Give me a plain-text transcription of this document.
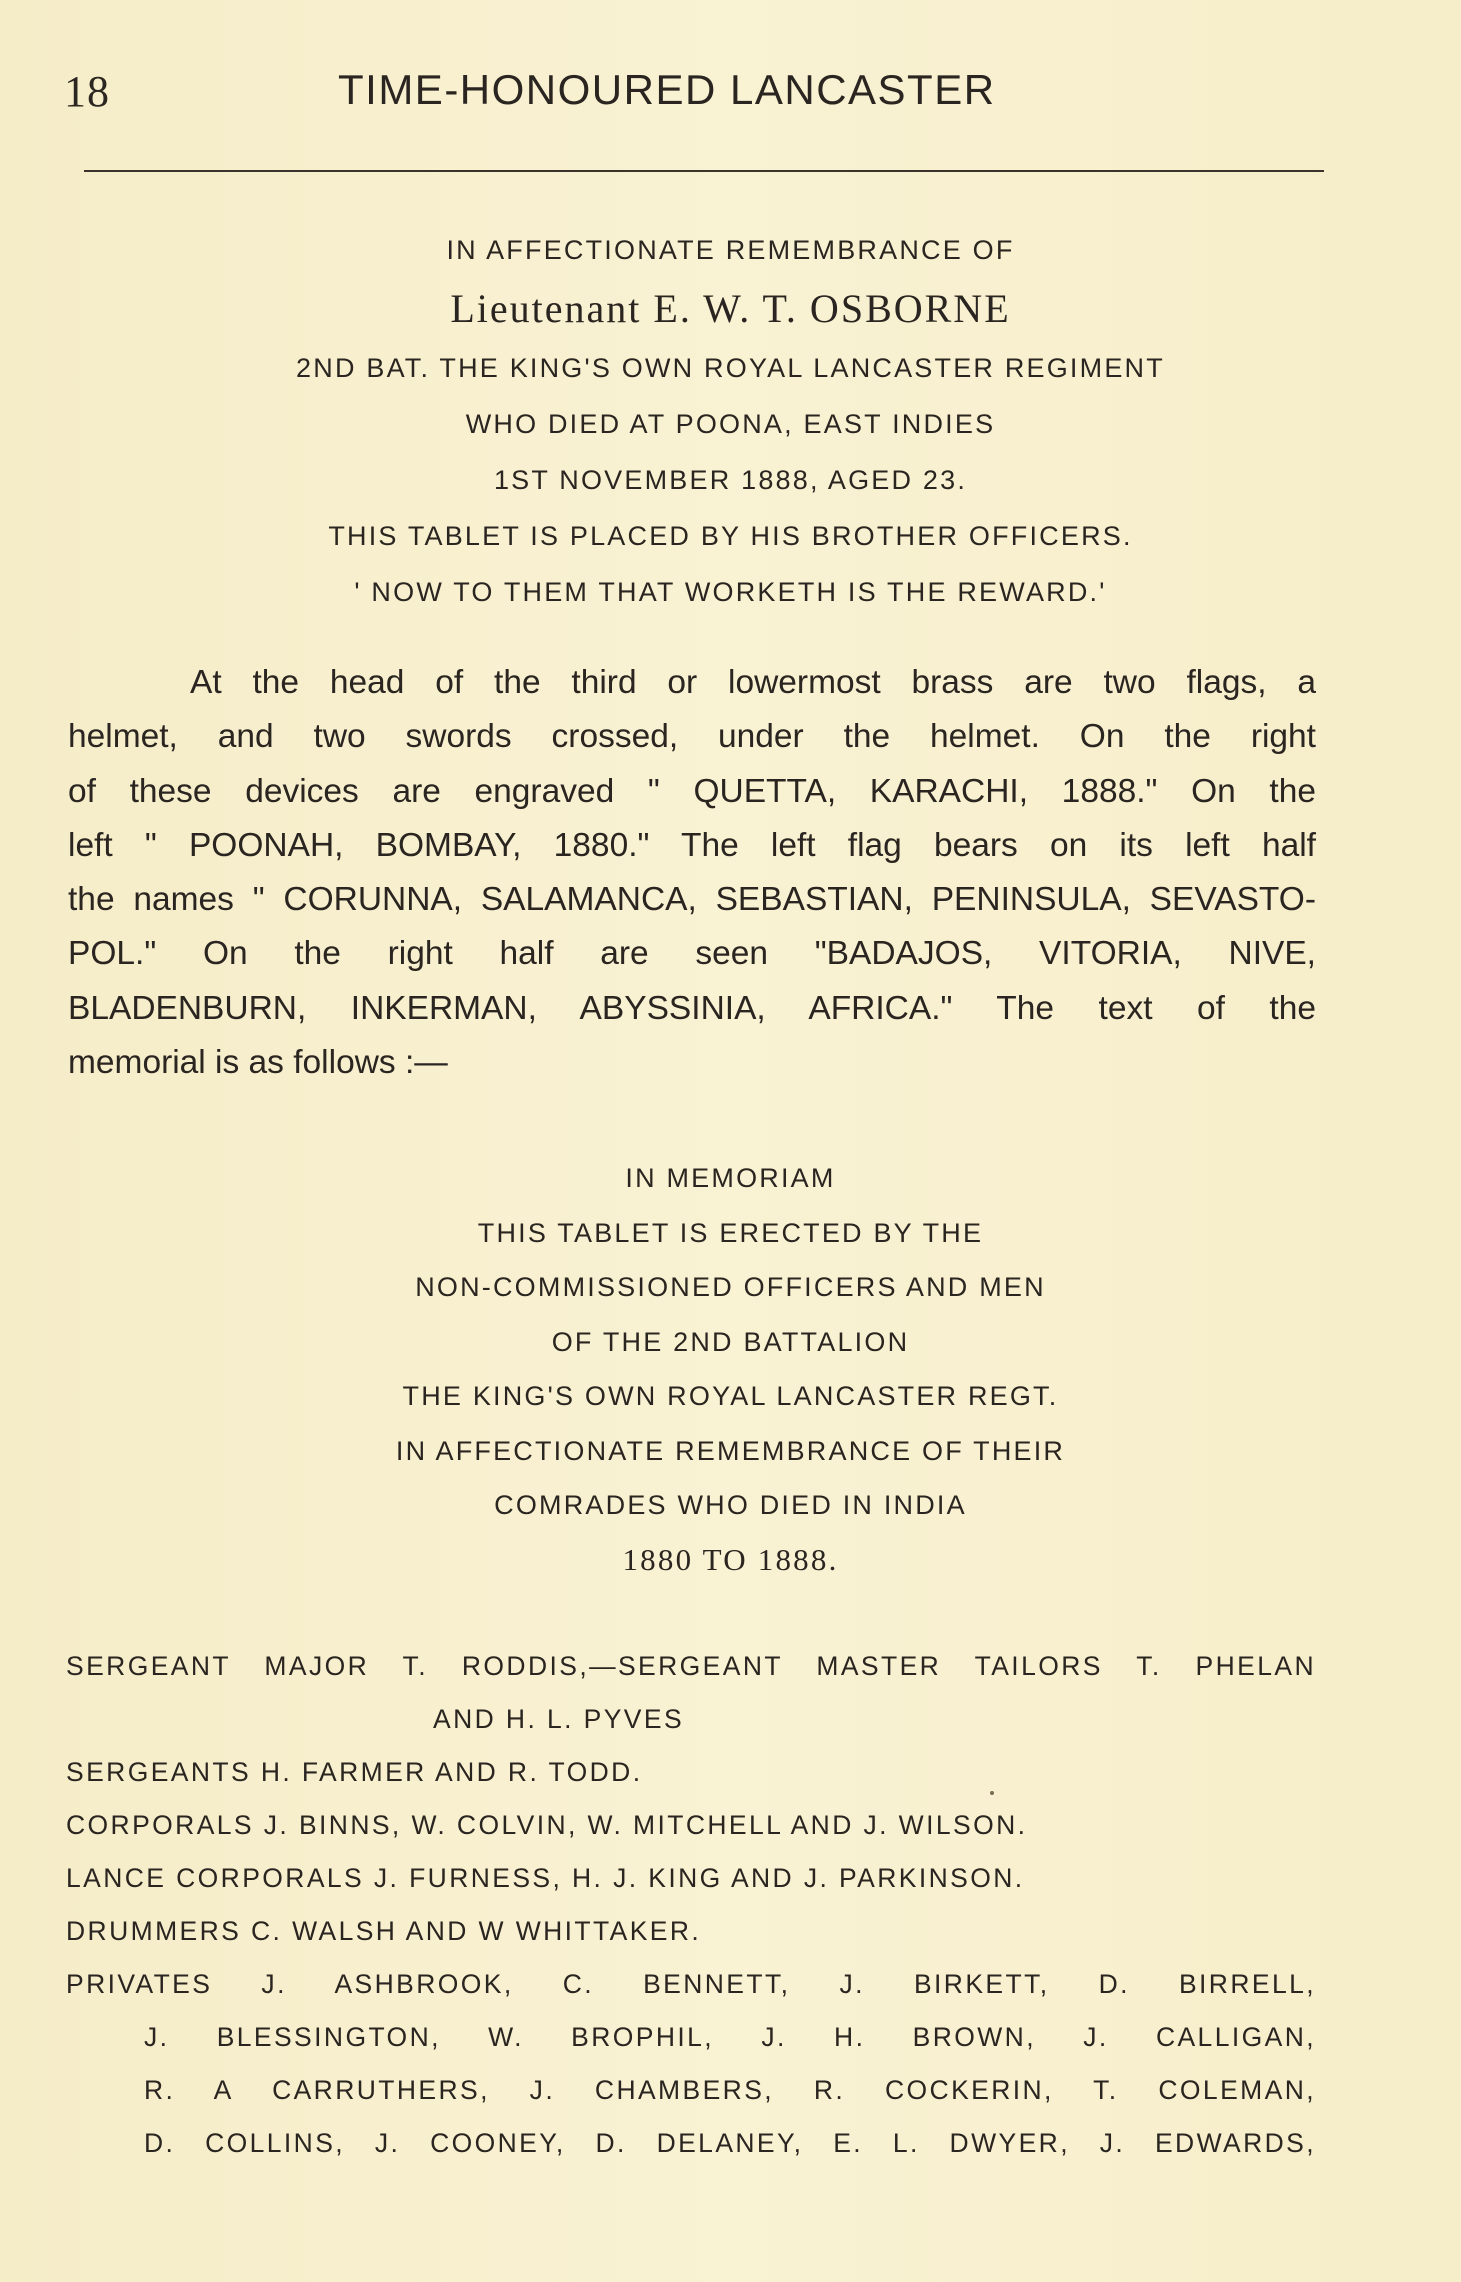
18	TIME-HONOURED LANCASTER
IN AFFECTIONATE REMEMBRANCE OF
Lieutenant E. W. T. OSBORNE
2ND BAT. THE KING'S OWN ROYAL LANCASTER REGIMENT
WHO DIED AT POONA, EAST INDIES
1ST NOVEMBER 1888, AGED 23.
THIS TABLET IS PLACED BY HIS BROTHER OFFICERS.
' NOW TO THEM THAT WORKETH IS THE REWARD.'
At the head of the third or lowermost brass are two flags, a
helmet, and two swords crossed, under the helmet. On the right
of these devices are engraved " QUETTA, KARACHI, 1888." On the
left " POONAH, BOMBAY, 1880." The left flag bears on its left half
the names " CORUNNA, SALAMANCA, SEBASTIAN, PENINSULA, SEVASTO-
POL." On the right half are seen "BADAJOS, VITORIA, NIVE,
BLADENBURN, INKERMAN, ABYSSINIA, AFRICA." The text of the
memorial is as follows :—
IN MEMORIAM
THIS TABLET IS ERECTED BY THE
NON-COMMISSIONED OFFICERS AND MEN
OF THE 2ND BATTALION
THE KING'S OWN ROYAL LANCASTER REGT.
IN AFFECTIONATE REMEMBRANCE OF THEIR
COMRADES WHO DIED IN INDIA
1880 TO 1888.
SERGEANT MAJOR T. RODDIS,—SERGEANT MASTER TAILORS T. PHELAN
AND H. L. PYVES
SERGEANTS H. FARMER AND R. TODD.
CORPORALS J. BINNS, W. COLVIN, W. MITCHELL AND J. WILSON.
LANCE CORPORALS J. FURNESS, H. J. KING AND J. PARKINSON.
DRUMMERS C. WALSH AND W WHITTAKER.
PRIVATES J. ASHBROOK, C. BENNETT, J. BIRKETT, D. BIRRELL,
J. BLESSINGTON, W. BROPHIL, J. H. BROWN, J. CALLIGAN,
R. A CARRUTHERS, J. CHAMBERS, R. COCKERIN, T. COLEMAN,
D. COLLINS, J. COONEY, D. DELANEY, E. L. DWYER, J. EDWARDS,
